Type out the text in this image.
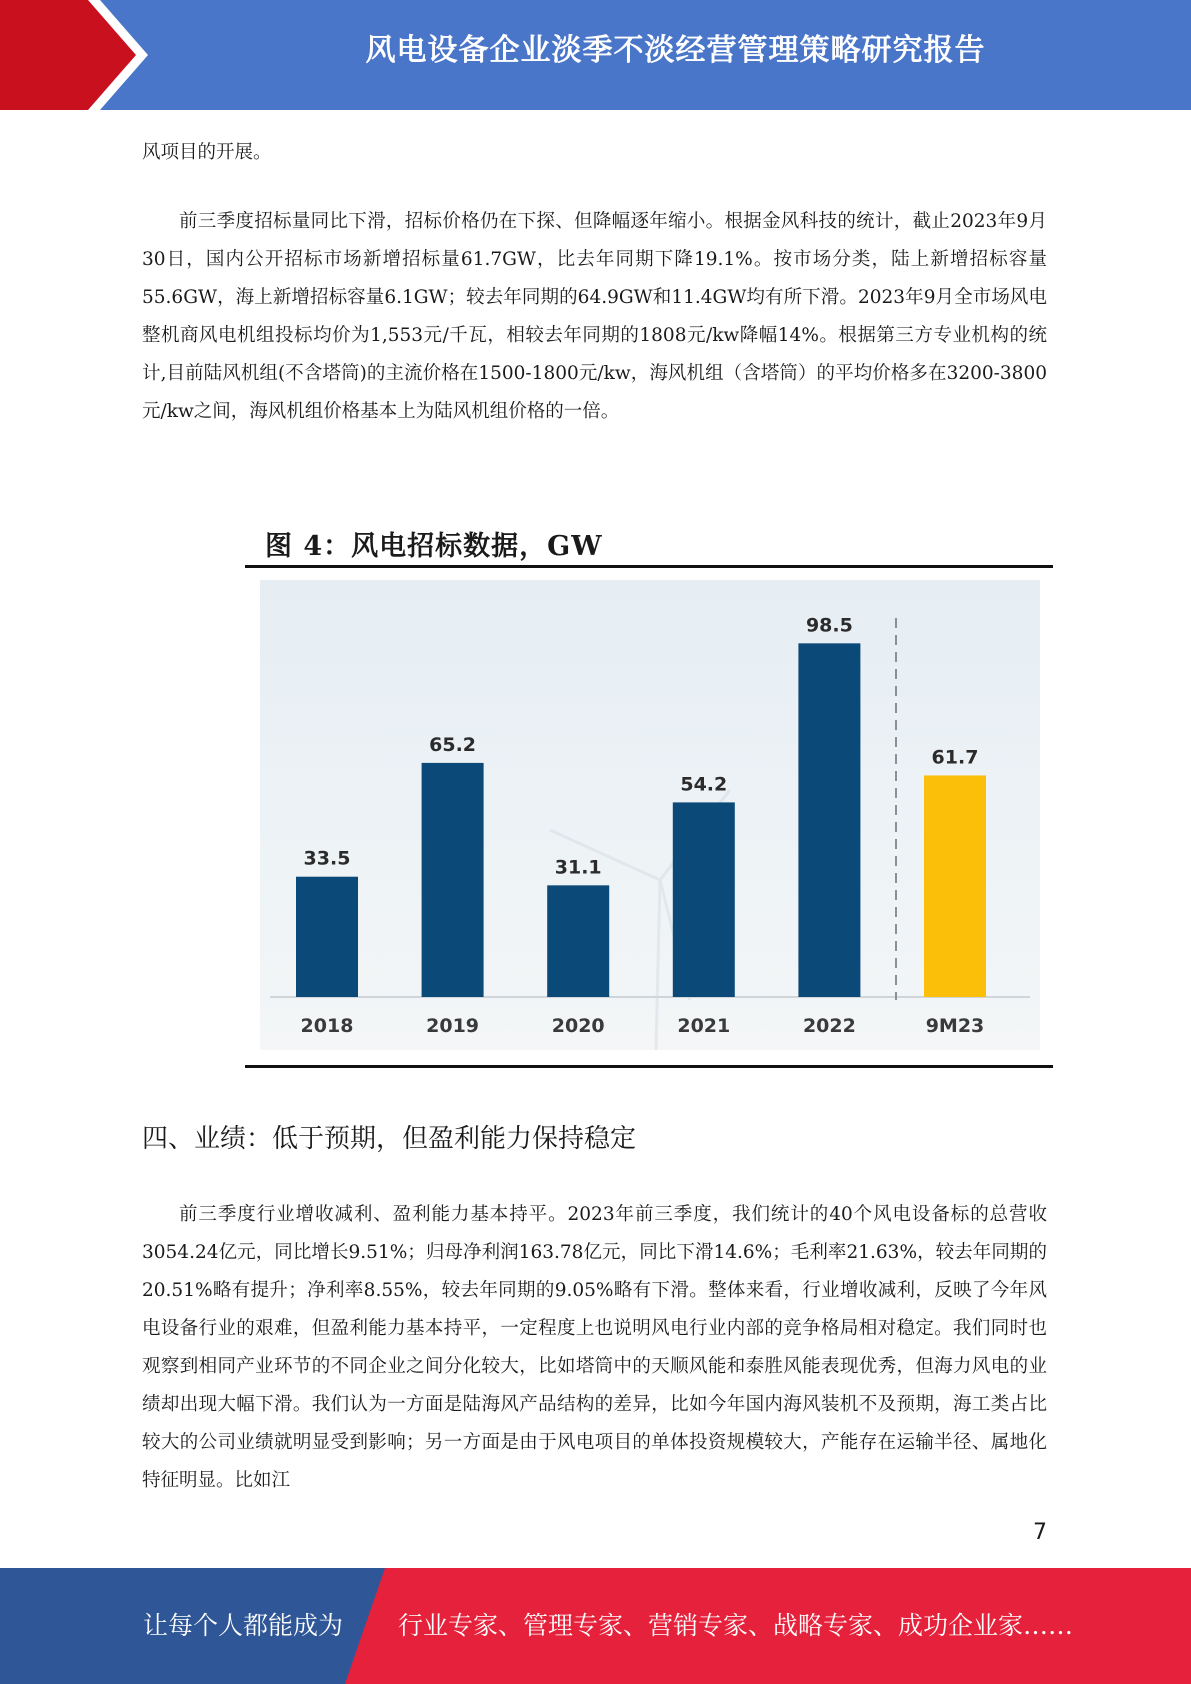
风电设备企业淡季不淡经营管理策略研究报告

风项目的开展。

前三季度招标量同比下滑，招标价格仍在下探、但降幅逐年缩小。根据金风科技的统计，截止2023年9月30日，国内公开招标市场新增招标量61.7GW，比去年同期下降19.1%。按市场分类，陆上新增招标容量55.6GW，海上新增招标容量6.1GW；较去年同期的64.9GW和11.4GW均有所下滑。2023年9月全市场风电整机商风电机组投标均价为1,553元/千瓦，相较去年同期的1808元/kw降幅14%。根据第三方专业机构的统计,目前陆风机组(不含塔筒)的主流价格在1500-1800元/kw，海风机组（含塔筒）的平均价格多在3200-3800元/kw之间，海风机组价格基本上为陆风机组价格的一倍。

图 4：风电招标数据，GW

33.5
2018
65.2
2019
31.1
2020
54.2
2021
98.5
2022
61.7
9M23
四、业绩：低于预期，但盈利能力保持稳定

前三季度行业增收减利、盈利能力基本持平。2023年前三季度，我们统计的40个风电设备标的总营收3054.24亿元，同比增长9.51%；归母净利润163.78亿元，同比下滑14.6%；毛利率21.63%，较去年同期的20.51%略有提升；净利率8.55%，较去年同期的9.05%略有下滑。整体来看，行业增收减利，反映了今年风电设备行业的艰难，但盈利能力基本持平，一定程度上也说明风电行业内部的竞争格局相对稳定。我们同时也观察到相同产业环节的不同企业之间分化较大，比如塔筒中的天顺风能和泰胜风能表现优秀，但海力风电的业绩却出现大幅下滑。我们认为一方面是陆海风产品结构的差异，比如今年国内海风装机不及预期，海工类占比较大的公司业绩就明显受到影响；另一方面是由于风电项目的单体投资规模较大，产能存在运输半径、属地化特征明显。比如江

7
让每个人都能成为 行业专家、管理专家、营销专家、战略专家、成功企业家……
